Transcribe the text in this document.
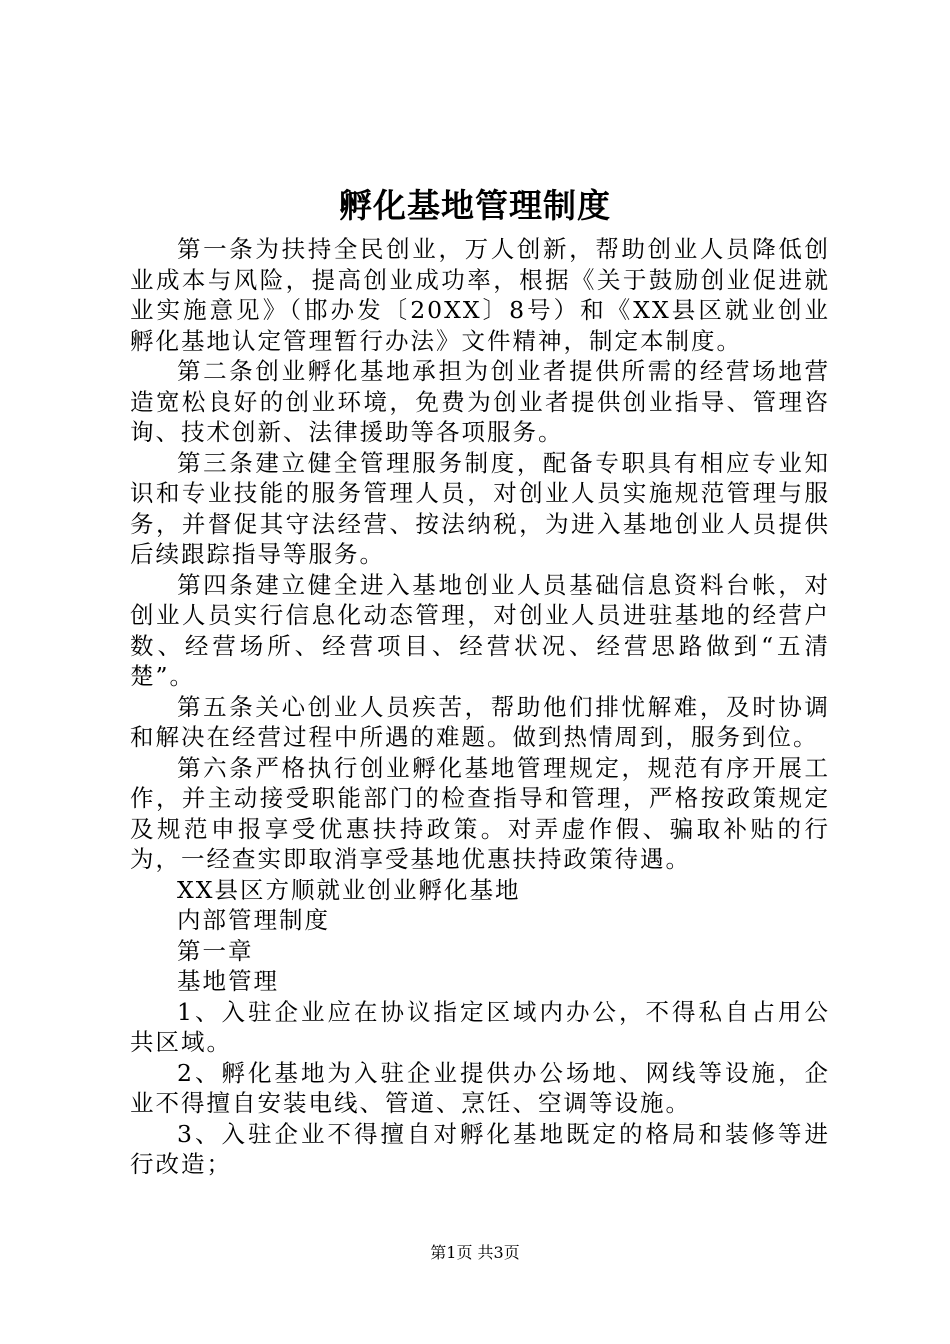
孵化基地管理制度

第一条为扶持全民创业，万人创新，帮助创业人员降低创业成本与风险，提高创业成功率，根据《关于鼓励创业促进就业实施意见》（邯办发〔20XX〕8号）和《XX县区就业创业孵化基地认定管理暂行办法》文件精神，制定本制度。

第二条创业孵化基地承担为创业者提供所需的经营场地营造宽松良好的创业环境，免费为创业者提供创业指导、管理咨询、技术创新、法律援助等各项服务。

第三条建立健全管理服务制度，配备专职具有相应专业知识和专业技能的服务管理人员，对创业人员实施规范管理与服务，并督促其守法经营、按法纳税，为进入基地创业人员提供后续跟踪指导等服务。

第四条建立健全进入基地创业人员基础信息资料台帐，对创业人员实行信息化动态管理，对创业人员进驻基地的经营户数、经营场所、经营项目、经营状况、经营思路做到“五清楚”。

第五条关心创业人员疾苦，帮助他们排忧解难，及时协调和解决在经营过程中所遇的难题。做到热情周到，服务到位。

第六条严格执行创业孵化基地管理规定，规范有序开展工作，并主动接受职能部门的检查指导和管理，严格按政策规定及规范申报享受优惠扶持政策。对弄虚作假、骗取补贴的行为，一经查实即取消享受基地优惠扶持政策待遇。

XX县区方顺就业创业孵化基地

内部管理制度

第一章

基地管理

1、入驻企业应在协议指定区域内办公，不得私自占用公共区域。

2、孵化基地为入驻企业提供办公场地、网线等设施，企业不得擅自安装电线、管道、烹饪、空调等设施。

3、入驻企业不得擅自对孵化基地既定的格局和装修等进行改造；

第1页 共3页
